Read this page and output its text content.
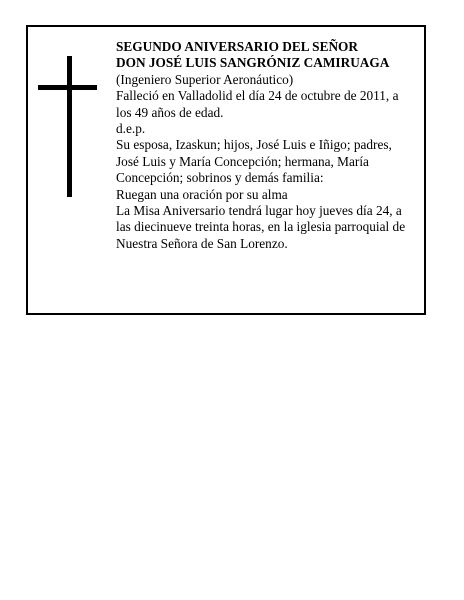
SEGUNDO ANIVERSARIO DEL SEÑOR
DON JOSÉ LUIS SANGRÓNIZ CAMIRUAGA
(Ingeniero Superior Aeronáutico)
Falleció en Valladolid el día 24 de octubre de 2011, a
los 49 años de edad.
d.e.p.
Su esposa, Izaskun; hijos, José Luis e Iñigo; padres,
José Luis y María Concepción; hermana, María
Concepción; sobrinos y demás familia:
Ruegan una oración por su alma
La Misa Aniversario tendrá lugar hoy jueves día 24, a
las diecinueve treinta horas, en la iglesia parroquial de
Nuestra Señora de San Lorenzo.
